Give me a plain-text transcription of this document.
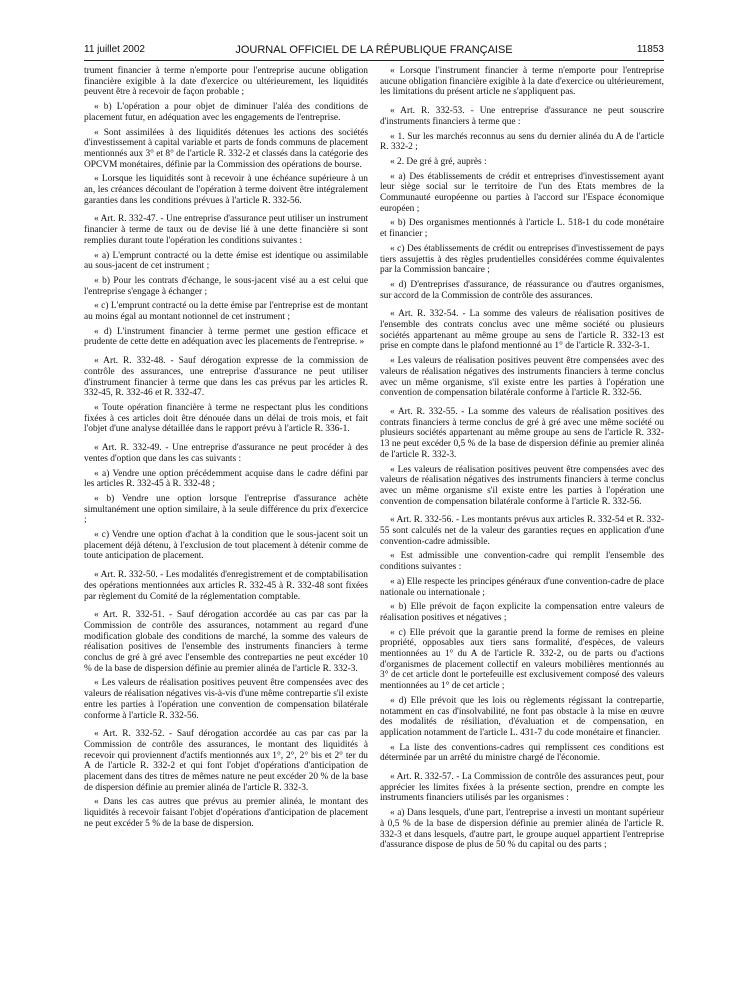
11 juillet 2002	JOURNAL OFFICIEL DE LA RÉPUBLIQUE FRANÇAISE	11853

trument financier à terme n'emporte pour l'entreprise aucune obligation financière exigible à la date d'exercice ou ultérieurement, les liquidités peuvent être à recevoir de façon probable ;

« b) L'opération a pour objet de diminuer l'aléa des conditions de placement futur, en adéquation avec les engagements de l'entreprise.

« Sont assimilées à des liquidités détenues les actions des sociétés d'investissement à capital variable et parts de fonds communs de placement mentionnés aux 3° et 8° de l'article R. 332-2 et classés dans la catégorie des OPCVM monétaires, définie par la Commission des opérations de bourse.

« Lorsque les liquidités sont à recevoir à une échéance supérieure à un an, les créances découlant de l'opération à terme doivent être intégralement garanties dans les conditions prévues à l'article R. 332-56.

« Art. R. 332-47. - Une entreprise d'assurance peut utiliser un instrument financier à terme de taux ou de devise lié à une dette financière si sont remplies durant toute l'opération les conditions suivantes :

« a) L'emprunt contracté ou la dette émise est identique ou assimilable au sous-jacent de cet instrument ;

« b) Pour les contrats d'échange, le sous-jacent visé au a est celui que l'entreprise s'engage à échanger ;

« c) L'emprunt contracté ou la dette émise par l'entreprise est de montant au moins égal au montant notionnel de cet instrument ;

« d) L'instrument financier à terme permet une gestion efficace et prudente de cette dette en adéquation avec les placements de l'entreprise. »

« Art. R. 332-48. - Sauf dérogation expresse de la commission de contrôle des assurances, une entreprise d'assurance ne peut utiliser d'instrument financier à terme que dans les cas prévus par les articles R. 332-45, R. 332-46 et R. 332-47.

« Toute opération financière à terme ne respectant plus les conditions fixées à ces articles doit être dénouée dans un délai de trois mois, et fait l'objet d'une analyse détaillée dans le rapport prévu à l'article R. 336-1.

« Art. R. 332-49. - Une entreprise d'assurance ne peut procéder à des ventes d'option que dans les cas suivants :

« a) Vendre une option précédemment acquise dans le cadre défini par les articles R. 332-45 à R. 332-48 ;

« b) Vendre une option lorsque l'entreprise d'assurance achète simultanément une option similaire, à la seule différence du prix d'exercice ;

« c) Vendre une option d'achat à la condition que le sous-jacent soit un placement déjà détenu, à l'exclusion de tout placement à détenir comme de toute anticipation de placement.

« Art. R. 332-50. - Les modalités d'enregistrement et de comptabilisation des opérations mentionnées aux articles R. 332-45 à R. 332-48 sont fixées par règlement du Comité de la réglementation comptable.

« Art. R. 332-51. - Sauf dérogation accordée au cas par cas par la Commission de contrôle des assurances, notamment au regard d'une modification globale des conditions de marché, la somme des valeurs de réalisation positives de l'ensemble des instruments financiers à terme conclus de gré à gré avec l'ensemble des contreparties ne peut excéder 10 % de la base de dispersion définie au premier alinéa de l'article R. 332-3.

« Les valeurs de réalisation positives peuvent être compensées avec des valeurs de réalisation négatives vis-à-vis d'une même contrepartie s'il existe entre les parties à l'opération une convention de compensation bilatérale conforme à l'article R. 332-56.

« Art. R. 332-52. - Sauf dérogation accordée au cas par cas par la Commission de contrôle des assurances, le montant des liquidités à recevoir qui proviennent d'actifs mentionnés aux 1°, 2°, 2° bis et 2° ter du A de l'article R. 332-2 et qui font l'objet d'opérations d'anticipation de placement dans des titres de mêmes nature ne peut excéder 20 % de la base de dispersion définie au premier alinéa de l'article R. 332-3.

« Dans les cas autres que prévus au premier alinéa, le montant des liquidités à recevoir faisant l'objet d'opérations d'anticipation de placement ne peut excéder 5 % de la base de dispersion.

« Lorsque l'instrument financier à terme n'emporte pour l'entreprise aucune obligation financière exigible à la date d'exercice ou ultérieurement, les limitations du présent article ne s'appliquent pas.

« Art. R. 332-53. - Une entreprise d'assurance ne peut souscrire d'instruments financiers à terme que :

« 1. Sur les marchés reconnus au sens du dernier alinéa du A de l'article R. 332-2 ;

« 2. De gré à gré, auprès :

« a) Des établissements de crédit et entreprises d'investissement ayant leur siège social sur le territoire de l'un des Etats membres de la Communauté européenne ou parties à l'accord sur l'Espace économique européen ;

« b) Des organismes mentionnés à l'article L. 518-1 du code monétaire et financier ;

« c) Des établissements de crédit ou entreprises d'investissement de pays tiers assujettis à des règles prudentielles considérées comme équivalentes par la Commission bancaire ;

« d) D'entreprises d'assurance, de réassurance ou d'autres organismes, sur accord de la Commission de contrôle des assurances.

« Art. R. 332-54. - La somme des valeurs de réalisation positives de l'ensemble des contrats conclus avec une même société ou plusieurs sociétés appartenant au même groupe au sens de l'article R. 332-13 est prise en compte dans le plafond mentionné au 1° de l'article R. 332-3-1.

« Les valeurs de réalisation positives peuvent être compensées avec des valeurs de réalisation négatives des instruments financiers à terme conclus avec un même organisme, s'il existe entre les parties à l'opération une convention de compensation bilatérale conforme à l'article R. 332-56.

« Art. R. 332-55. - La somme des valeurs de réalisation positives des contrats financiers à terme conclus de gré à gré avec une même société ou plusieurs sociétés appartenant au même groupe au sens de l'article R. 332-13 ne peut excéder 0,5 % de la base de dispersion définie au premier alinéa de l'article R. 332-3.

« Les valeurs de réalisation positives peuvent être compensées avec des valeurs de réalisation négatives des instruments financiers à terme conclus avec un même organisme s'il existe entre les parties à l'opération une convention de compensation bilatérale conforme à l'article R. 332-56.

« Art. R. 332-56. - Les montants prévus aux articles R. 332-54 et R. 332-55 sont calculés net de la valeur des garanties reçues en application d'une convention-cadre admissible.

« Est admissible une convention-cadre qui remplit l'ensemble des conditions suivantes :

« a) Elle respecte les principes généraux d'une convention-cadre de place nationale ou internationale ;

« b) Elle prévoit de façon explicite la compensation entre valeurs de réalisation positives et négatives ;

« c) Elle prévoit que la garantie prend la forme de remises en pleine propriété, opposables aux tiers sans formalité, d'espèces, de valeurs mentionnées au 1° du A de l'article R. 332-2, ou de parts ou d'actions d'organismes de placement collectif en valeurs mobilières mentionnés au 3° de cet article dont le portefeuille est exclusivement composé des valeurs mentionnées au 1° de cet article ;

« d) Elle prévoit que les lois ou règlements régissant la contrepartie, notamment en cas d'insolvabilité, ne font pas obstacle à la mise en œuvre des modalités de résiliation, d'évaluation et de compensation, en application notamment de l'article L. 431-7 du code monétaire et financier.

« La liste des conventions-cadres qui remplissent ces conditions est déterminée par un arrêté du ministre chargé de l'économie.

« Art. R. 332-57. - La Commission de contrôle des assurances peut, pour apprécier les limites fixées à la présente section, prendre en compte les instruments financiers utilisés par les organismes :

« a) Dans lesquels, d'une part, l'entreprise a investi un montant supérieur à 0,5 % de la base de dispersion définie au premier alinéa de l'article R. 332-3 et dans lesquels, d'autre part, le groupe auquel appartient l'entreprise d'assurance dispose de plus de 50 % du capital ou des parts ;
